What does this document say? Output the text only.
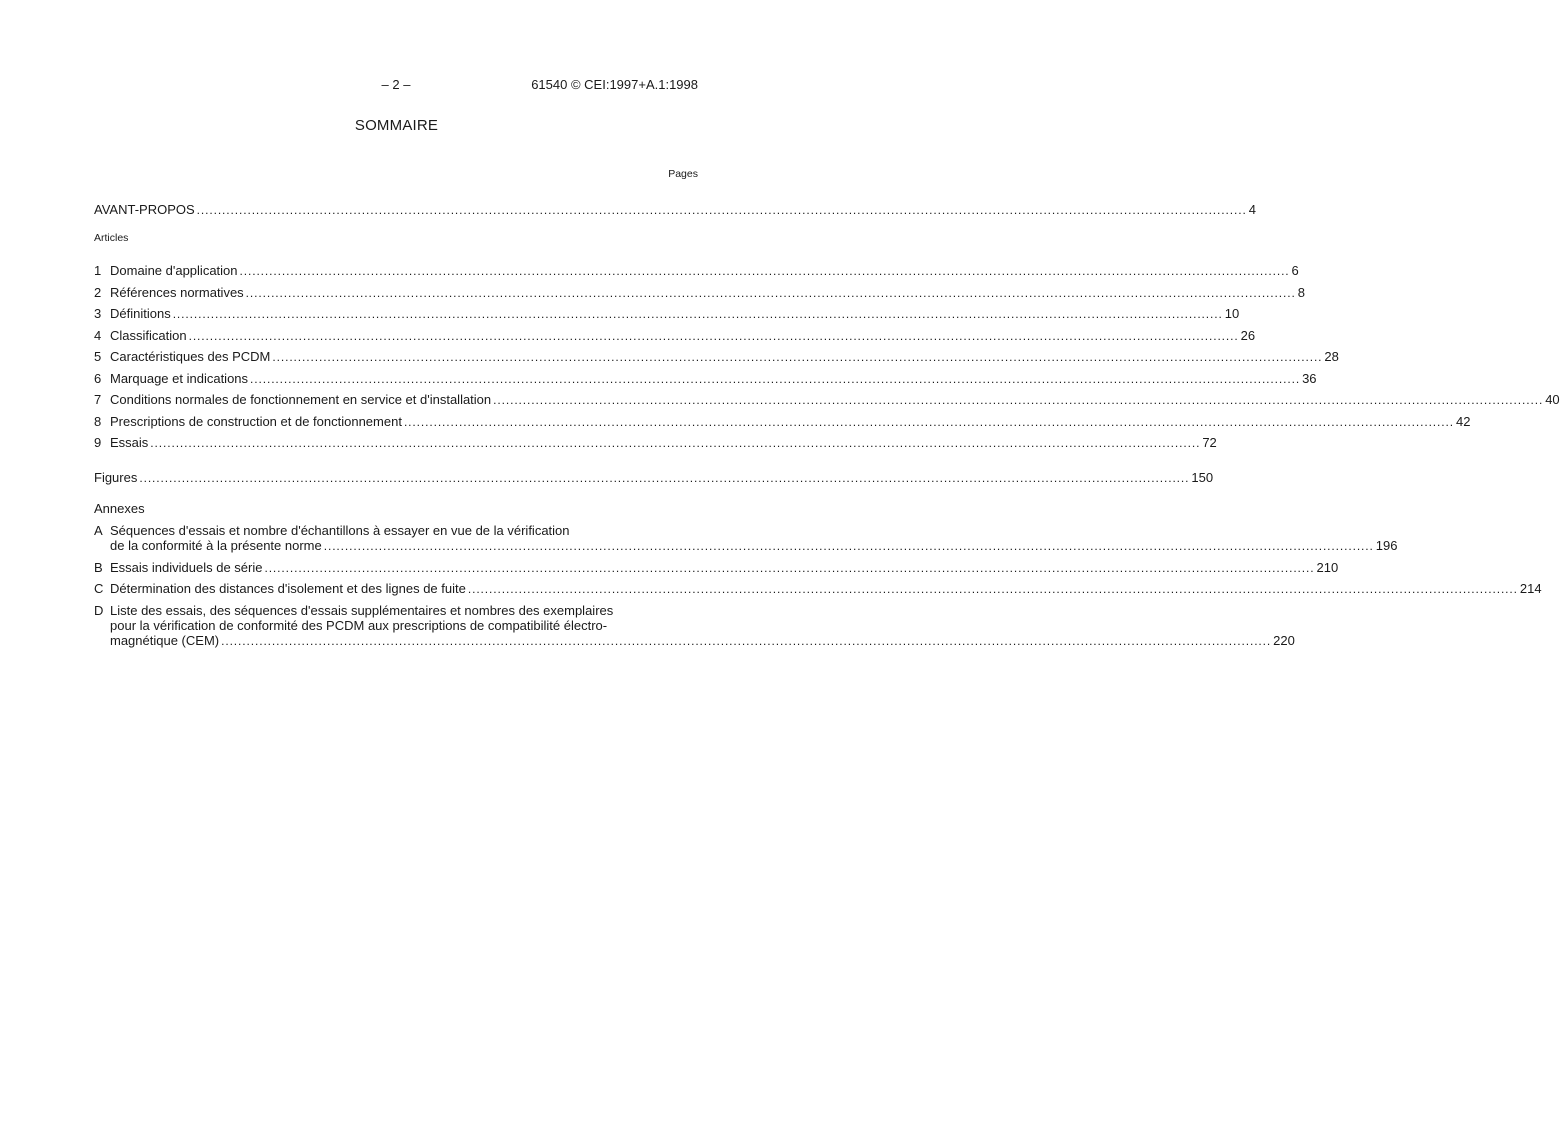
– 2 –	61540 © CEI:1997+A.1:1998
SOMMAIRE
Pages
AVANT-PROPOS .....	4
Articles
1 Domaine d'application .....	6
2 Références normatives .....	8
3 Définitions .....	10
4 Classification .....	26
5 Caractéristiques des PCDM .....	28
6 Marquage et indications .....	36
7 Conditions normales de fonctionnement en service et d'installation .....	40
8 Prescriptions de construction et de fonctionnement .....	42
9 Essais .....	72
Figures .....	150
Annexes
A Séquences d'essais et nombre d'échantillons à essayer en vue de la vérification
de la conformité à la présente norme .....	196
B Essais individuels de série .....	210
C Détermination des distances d'isolement et des lignes de fuite .....	214
D Liste des essais, des séquences d'essais supplémentaires et nombres des exemplaires
pour la vérification de conformité des PCDM aux prescriptions de compatibilité électro-
magnétique (CEM) .....	220
